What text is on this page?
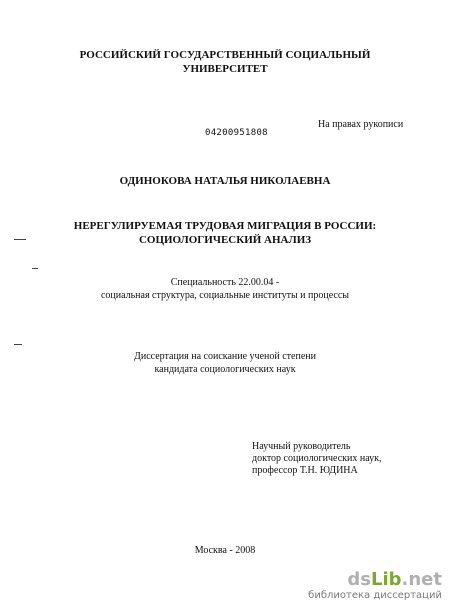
РОССИЙСКИЙ ГОСУДАРСТВЕННЫЙ СОЦИАЛЬНЫЙ
УНИВЕРСИТЕТ
На правах рукописи
04200951808
ОДИНОКОВА НАТАЛЬЯ НИКОЛАЕВНА
НЕРЕГУЛИРУЕМАЯ ТРУДОВАЯ МИГРАЦИЯ В РОССИИ:
СОЦИОЛОГИЧЕСКИЙ АНАЛИЗ
Специальность 22.00.04 -
социальная структура, социальные институты и процессы
Диссертация на соискание ученой степени
кандидата социологических наук
Научный руководитель
доктор социологических наук,
профессор Т.Н. ЮДИНА
Москва - 2008
dsLib.net
библиотека диссертаций
